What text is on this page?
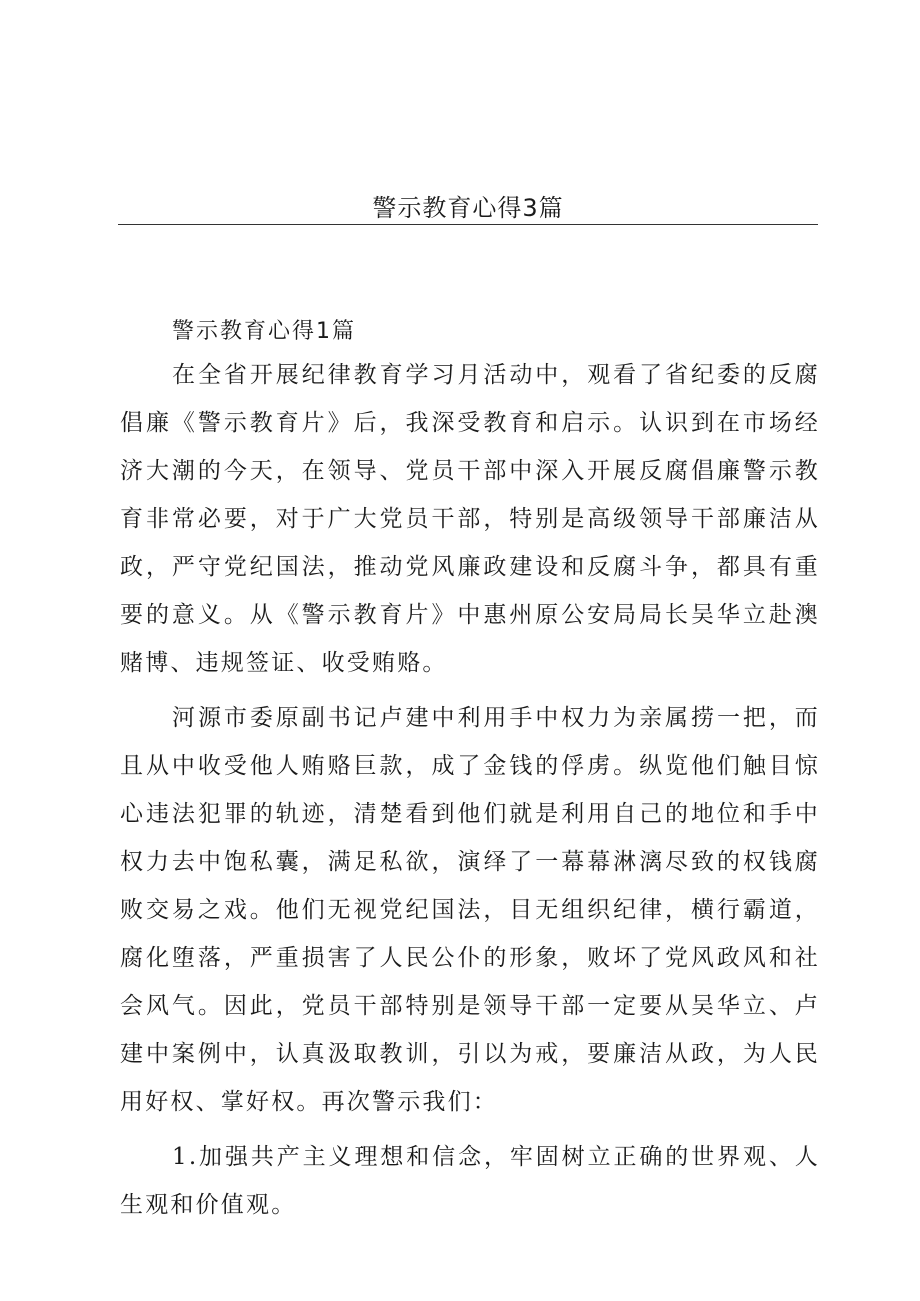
警示教育心得3篇
警示教育心得1篇

在全省开展纪律教育学习月活动中，观看了省纪委的反腐倡廉《警示教育片》后，我深受教育和启示。认识到在市场经济大潮的今天，在领导、党员干部中深入开展反腐倡廉警示教育非常必要，对于广大党员干部，特别是高级领导干部廉洁从政，严守党纪国法，推动党风廉政建设和反腐斗争，都具有重要的意义。从《警示教育片》中惠州原公安局局长吴华立赴澳赌博、违规签证、收受贿赂。

河源市委原副书记卢建中利用手中权力为亲属捞一把，而且从中收受他人贿赂巨款，成了金钱的俘虏。纵览他们触目惊心违法犯罪的轨迹，清楚看到他们就是利用自己的地位和手中权力去中饱私囊，满足私欲，演绎了一幕幕淋漓尽致的权钱腐败交易之戏。他们无视党纪国法，目无组织纪律，横行霸道，腐化堕落，严重损害了人民公仆的形象，败坏了党风政风和社会风气。因此，党员干部特别是领导干部一定要从吴华立、卢建中案例中，认真汲取教训，引以为戒，要廉洁从政，为人民用好权、掌好权。再次警示我们：

1.加强共产主义理想和信念，牢固树立正确的世界观、人生观和价值观。
